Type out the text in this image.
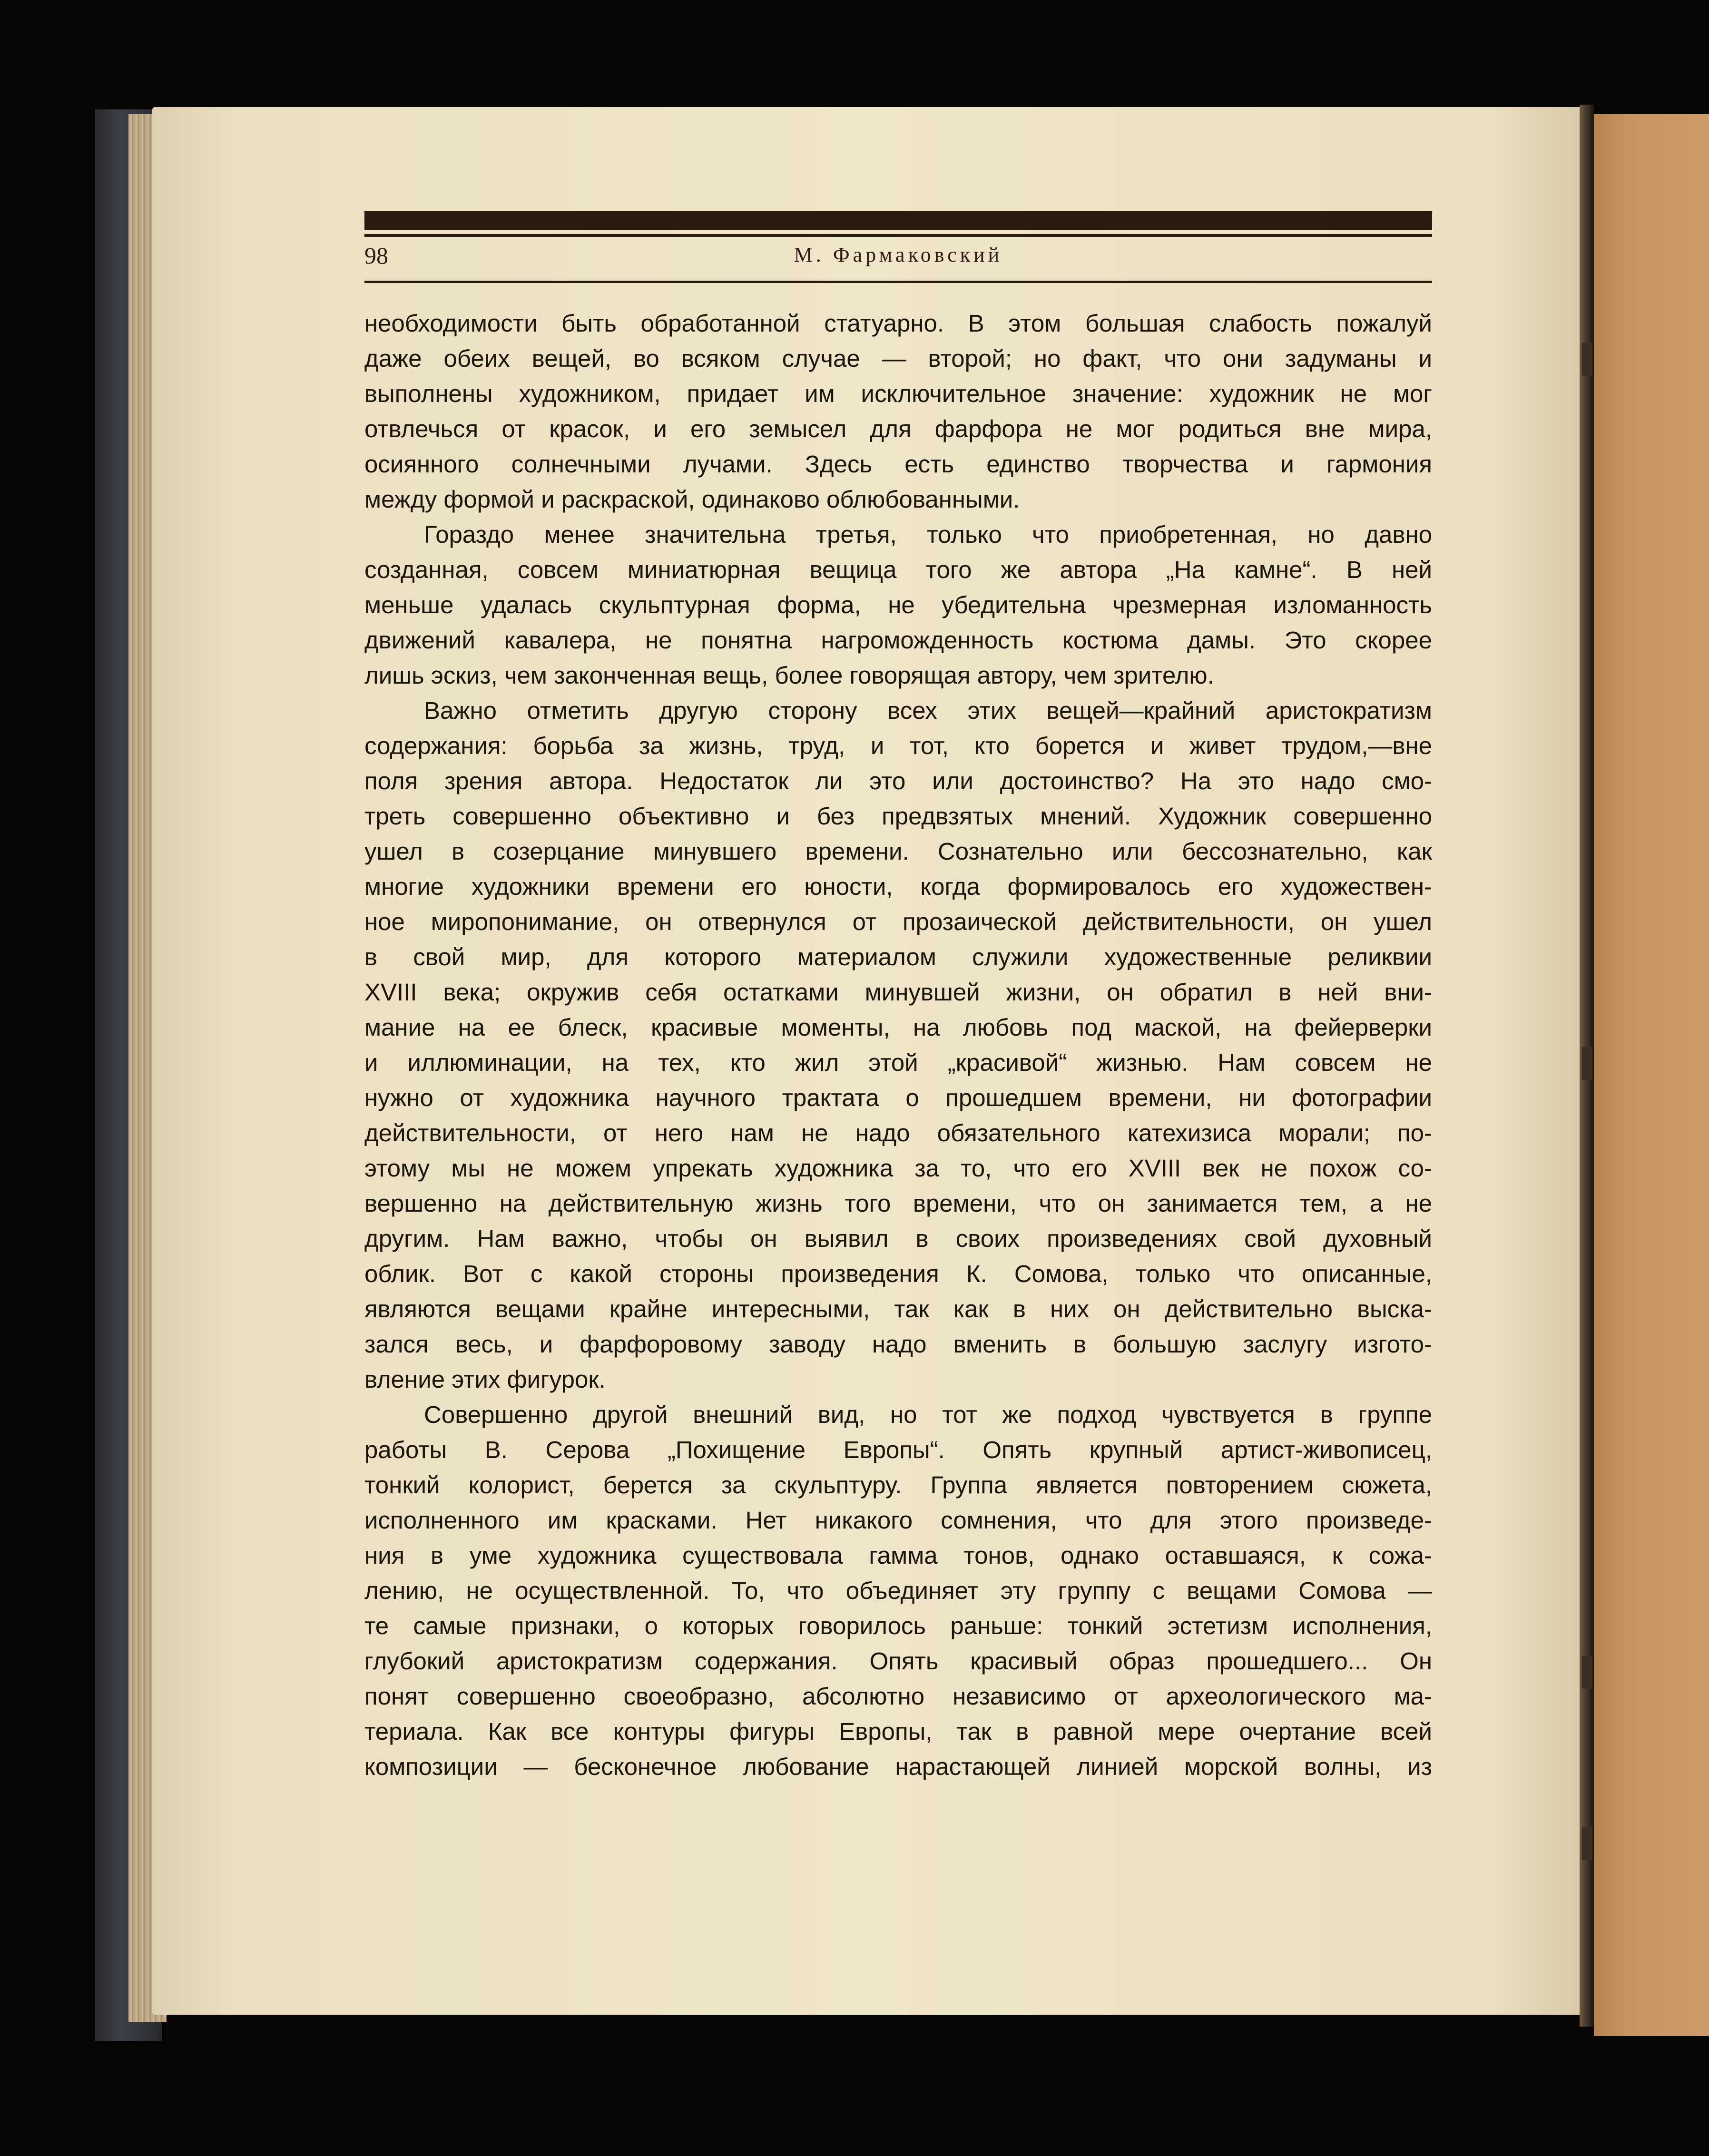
98	М. Фармаковский
необходимости быть обработанной статуарно. В этом большая слабость пожалуй
даже обеих вещей, во всяком случае — второй; но факт, что они задуманы и
выполнены художником, придает им исключительное значение: художник не мог
отвлечься от красок, и его земысел для фарфора не мог родиться вне мира,
осиянного солнечными лучами. Здесь есть единство творчества и гармония
между формой и раскраской, одинаково облюбованными.
Гораздо менее значительна третья, только что приобретенная, но давно
созданная, совсем миниатюрная вещица того же автора „На камне“. В ней
меньше удалась скульптурная форма, не убедительна чрезмерная изломанность
движений кавалера, не понятна нагроможденность костюма дамы. Это скорее
лишь эскиз, чем законченная вещь, более говорящая автору, чем зрителю.
Важно отметить другую сторону всех этих вещей—крайний аристократизм
содержания: борьба за жизнь, труд, и тот, кто борется и живет трудом,—вне
поля зрения автора. Недостаток ли это или достоинство? На это надо смо-
треть совершенно объективно и без предвзятых мнений. Художник совершенно
ушел в созерцание минувшего времени. Сознательно или бессознательно, как
многие художники времени его юности, когда формировалось его художествен-
ное миропонимание, он отвернулся от прозаической действительности, он ушел
в свой мир, для которого материалом служили художественные реликвии
XVIII века; окружив себя остатками минувшей жизни, он обратил в ней вни-
мание на ее блеск, красивые моменты, на любовь под маской, на фейерверки
и иллюминации, на тех, кто жил этой „красивой“ жизнью. Нам совсем не
нужно от художника научного трактата о прошедшем времени, ни фотографии
действительности, от него нам не надо обязательного катехизиса морали; по-
этому мы не можем упрекать художника за то, что его XVIII век не похож со-
вершенно на действительную жизнь того времени, что он занимается тем, а не
другим. Нам важно, чтобы он выявил в своих произведениях свой духовный
облик. Вот с какой стороны произведения К. Сомова, только что описанные,
являются вещами крайне интересными, так как в них он действительно выска-
зался весь, и фарфоровому заводу надо вменить в большую заслугу изгото-
вление этих фигурок.
Совершенно другой внешний вид, но тот же подход чувствуется в группе
работы В. Серова „Похищение Европы“. Опять крупный артист-живописец,
тонкий колорист, берется за скульптуру. Группа является повторением сюжета,
исполненного им красками. Нет никакого сомнения, что для этого произведе-
ния в уме художника существовала гамма тонов, однако оставшаяся, к сожа-
лению, не осуществленной. То, что объединяет эту группу с вещами Сомова —
те самые признаки, о которых говорилось раньше: тонкий эстетизм исполнения,
глубокий аристократизм содержания. Опять красивый образ прошедшего... Он
понят совершенно своеобразно, абсолютно независимо от археологического ма-
териала. Как все контуры фигуры Европы, так в равной мере очертание всей
композиции — бесконечное любование нарастающей линией морской волны, из
